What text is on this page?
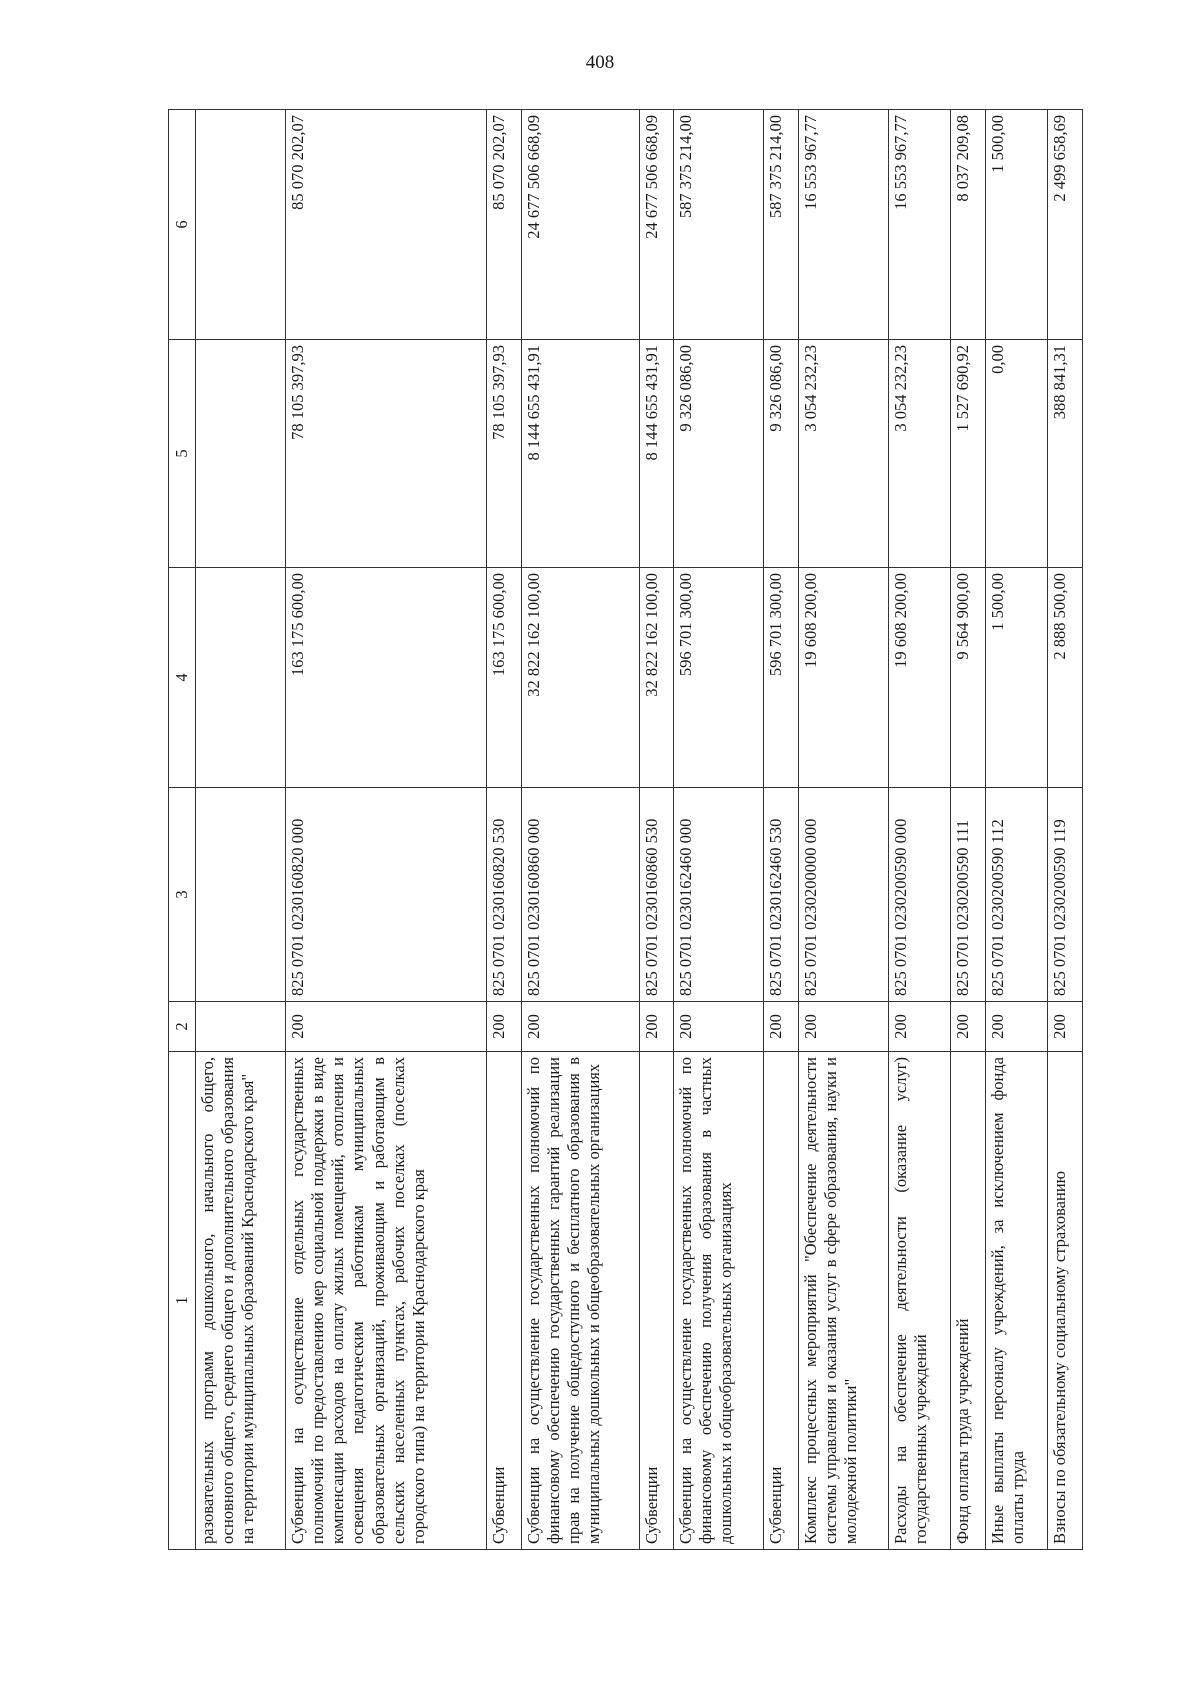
408
1	2	3	4	5	6
разовательных программ дошкольного, начального общего, основного общего, среднего общего и дополнительного образования на территории муниципальных образований Краснодарского края"					
Субвенции на осуществление отдельных государственных полномочий по предоставлению мер социальной поддержки в виде компенсации расходов на оплату жилых помещений, отопления и освещения педагогическим работникам муниципальных образовательных организаций, проживающим и работающим в сельских населенных пунктах, рабочих поселках (поселках городского типа) на территории Краснодарского края	200	825 0701 0230160820 000	163 175 600,00	78 105 397,93	85 070 202,07
Субвенции	200	825 0701 0230160820 530	163 175 600,00	78 105 397,93	85 070 202,07
Субвенции на осуществление государственных полномочий по финансовому обеспечению государственных гарантий реализации прав на получение общедоступного и бесплатного образования в муниципальных дошкольных и общеобразовательных организациях	200	825 0701 0230160860 000	32 822 162 100,00	8 144 655 431,91	24 677 506 668,09
Субвенции	200	825 0701 0230160860 530	32 822 162 100,00	8 144 655 431,91	24 677 506 668,09
Субвенции на осуществление государственных полномочий по финансовому обеспечению получения образования в частных дошкольных и общеобразовательных организациях	200	825 0701 0230162460 000	596 701 300,00	9 326 086,00	587 375 214,00
Субвенции	200	825 0701 0230162460 530	596 701 300,00	9 326 086,00	587 375 214,00
Комплекс процессных мероприятий "Обеспечение деятельности системы управления и оказания услуг в сфере образования, науки и молодежной политики"	200	825 0701 0230200000 000	19 608 200,00	3 054 232,23	16 553 967,77
Расходы на обеспечение деятельности (оказание услуг) государственных учреждений	200	825 0701 0230200590 000	19 608 200,00	3 054 232,23	16 553 967,77
Фонд оплаты труда учреждений	200	825 0701 0230200590 111	9 564 900,00	1 527 690,92	8 037 209,08
Иные выплаты персоналу учреждений, за исключением фонда оплаты труда	200	825 0701 0230200590 112	1 500,00	0,00	1 500,00
Взносы по обязательному социальному страхованию	200	825 0701 0230200590 119	2 888 500,00	388 841,31	2 499 658,69
